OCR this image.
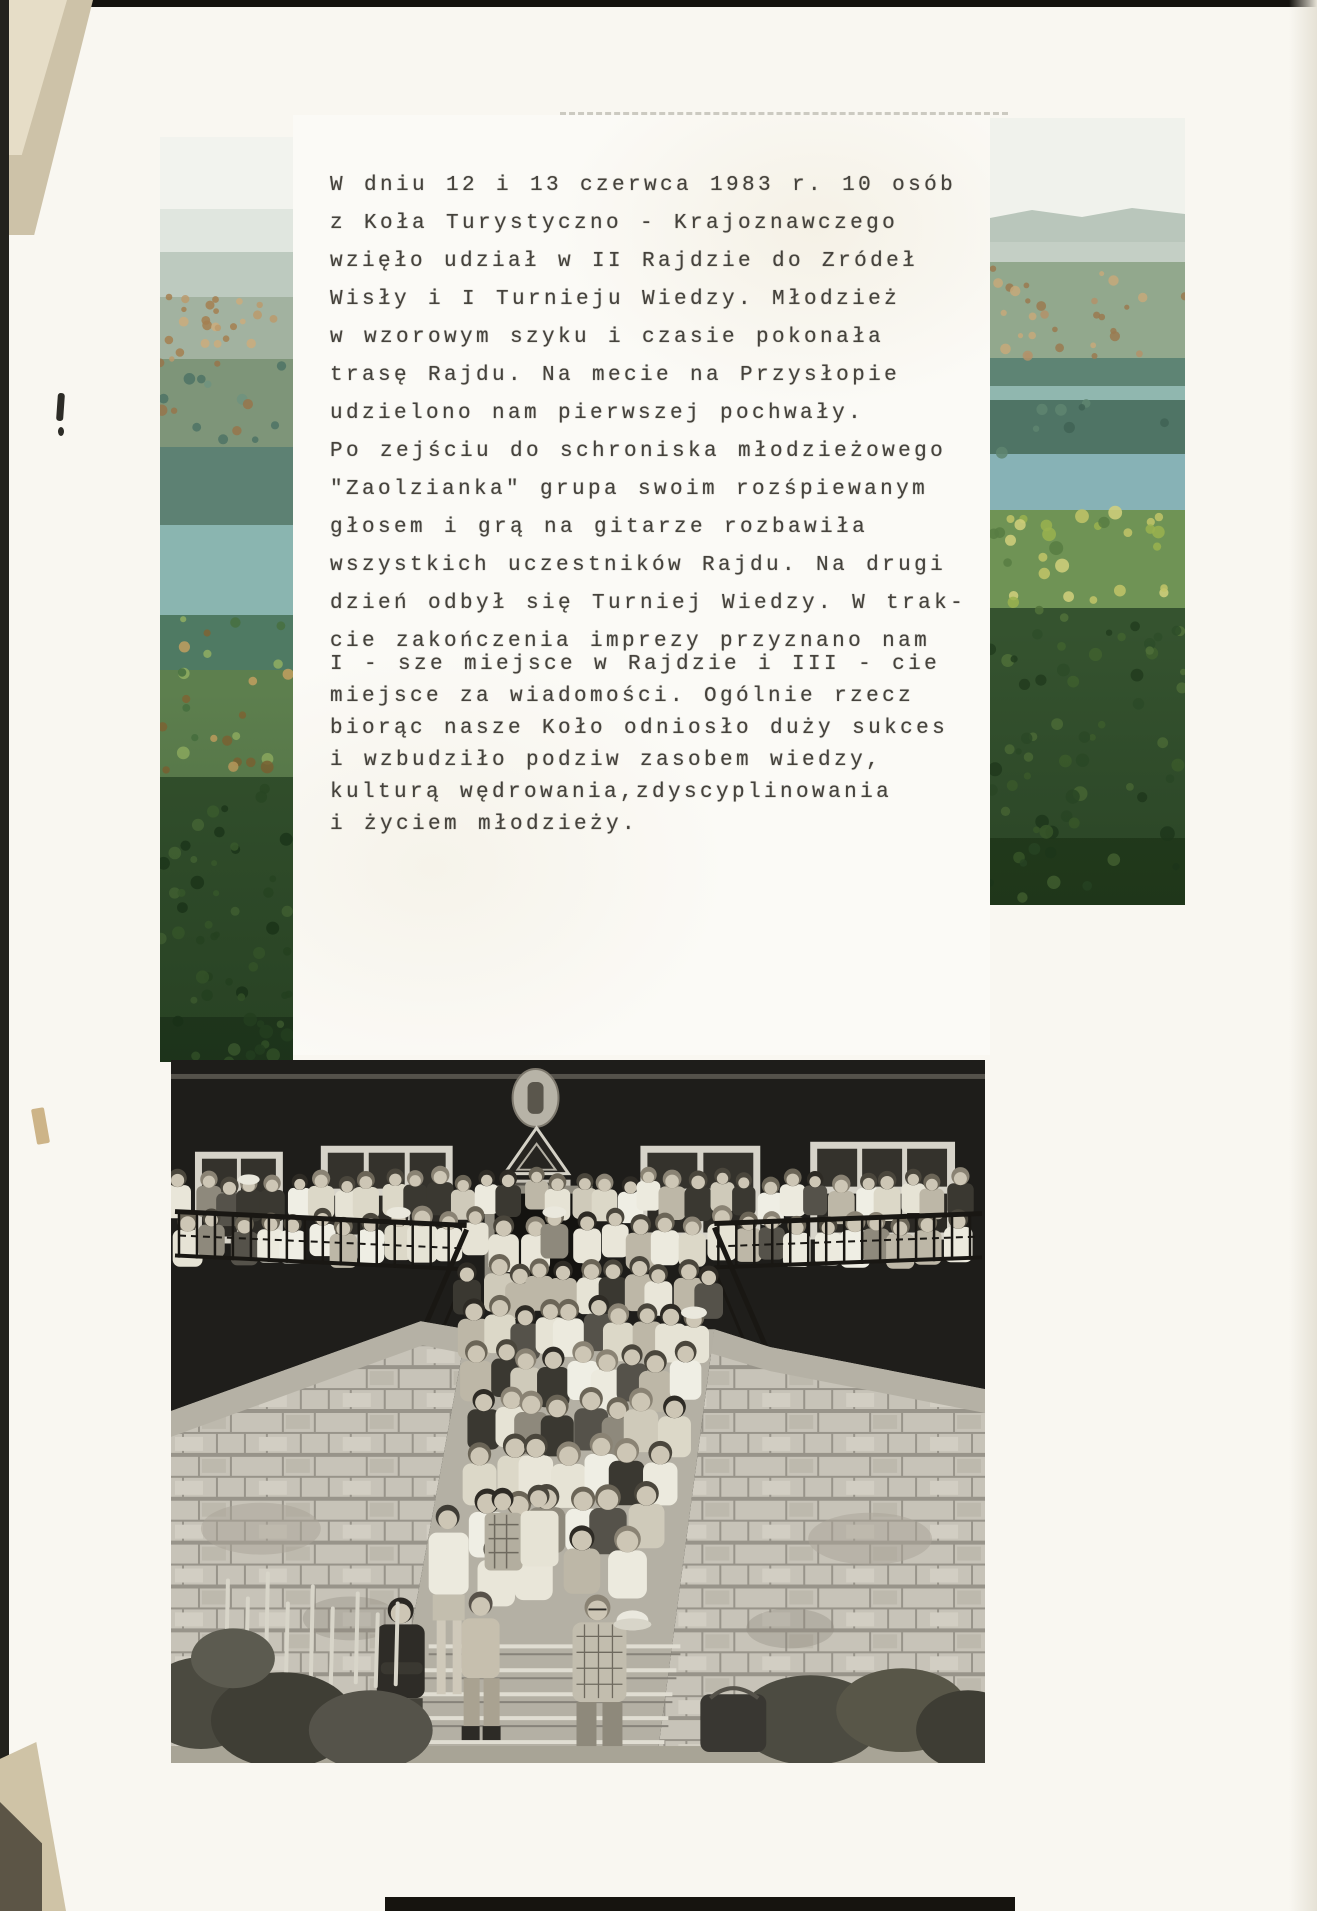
W dniu 12 i 13 czerwca 1983 r. 10 osób
z Koła Turystyczno - Krajoznawczego
wzięło udział w II Rajdzie do Zródeł
Wisły i I Turnieju Wiedzy. Młodzież
w wzorowym szyku i czasie pokonała
trasę Rajdu. Na mecie na Przysłopie
udzielono nam pierwszej pochwały.
Po zejściu do schroniska młodzieżowego
"Zaolzianka" grupa swoim rozśpiewanym
głosem i grą na gitarze rozbawiła
wszystkich uczestników Rajdu. Na drugi
dzień odbył się Turniej Wiedzy. W trak-
cie zakończenia imprezy przyznano nam
I - sze miejsce w Rajdzie i III - cie
miejsce za wiadomości. Ogólnie rzecz
biorąc nasze Koło odniosło duży sukces
i wzbudziło podziw zasobem wiedzy,
kulturą wędrowania,zdyscyplinowania
i życiem młodzieży.
